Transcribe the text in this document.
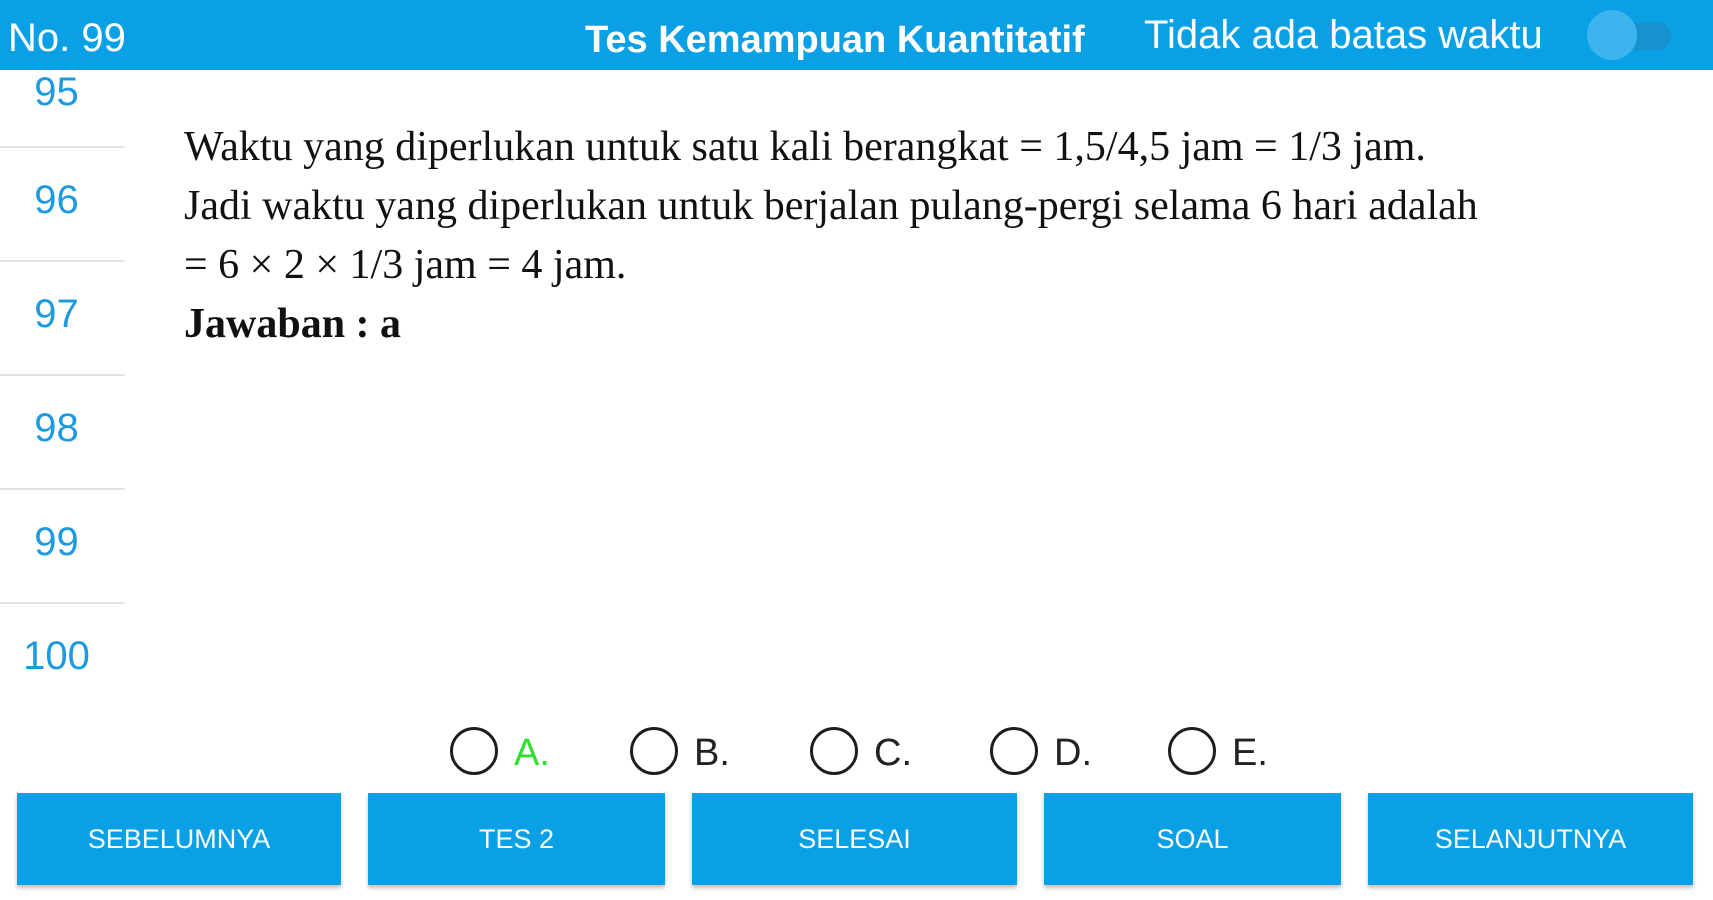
No. 99	Tes Kemampuan Kuantitatif Tidak ada batas waktu
95
96
97
98
99
100

Waktu yang diperlukan untuk satu kali berangkat = 1,5/4,5 jam = 1/3 jam.

Jadi waktu yang diperlukan untuk berjalan pulang-pergi selama 6 hari adalah

= 6 × 2 × 1/3 jam = 4 jam.

Jawaban : a

A.	B.	C.	D.	E.
SEBELUMNYA	TES 2	SELESAI	SOAL	SELANJUTNYA
